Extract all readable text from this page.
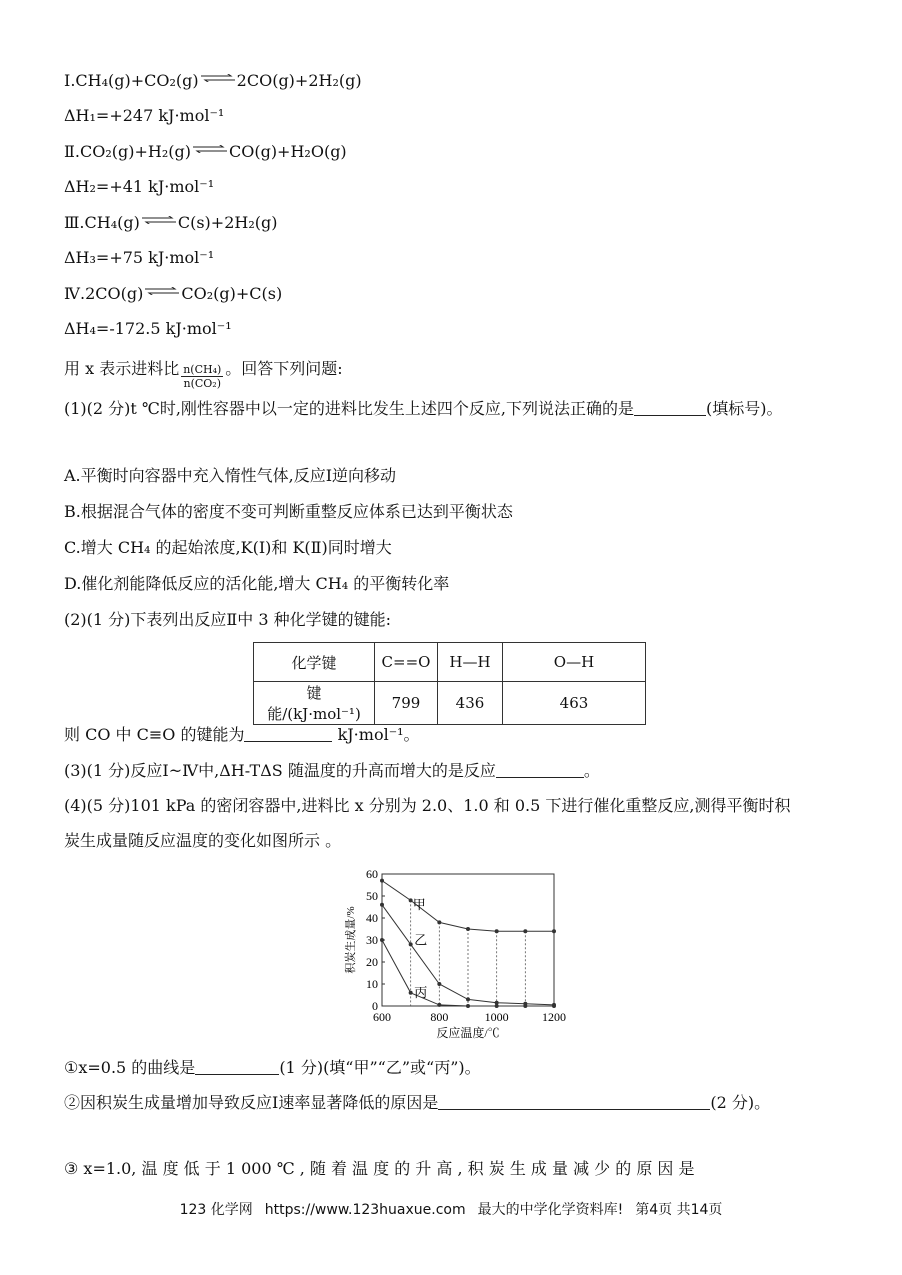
Ⅰ.CH₄(g)+CO₂(g) ⇌ 2CO(g)+2H₂(g)
ΔH₁=+247 kJ·mol⁻¹
Ⅱ.CO₂(g)+H₂(g) ⇌ CO(g)+H₂O(g)
ΔH₂=+41 kJ·mol⁻¹
Ⅲ.CH₄(g) ⇌ C(s)+2H₂(g)
ΔH₃=+75 kJ·mol⁻¹
Ⅳ.2CO(g) ⇌ CO₂(g)+C(s)
ΔH₄=-172.5 kJ·mol⁻¹
用 x 表示进料比 $\frac{\text{n(CH₄)}}{\text{n(CO₂)}}$ 。回答下列问题:
(1)(2 分)t ℃时,刚性容器中以一定的进料比发生上述四个反应,下列说法正确的是	(填标号)。
A.平衡时向容器中充入惰性气体,反应Ⅰ逆向移动
B.根据混合气体的密度不变可判断重整反应体系已达到平衡状态
C.增大 CH₄ 的起始浓度,K(Ⅰ)和 K(Ⅱ)同时增大
D.催化剂能降低反应的活化能,增大 CH₄ 的平衡转化率
(2)(1 分)下表列出反应Ⅱ中 3 种化学键的键能:
化学键	C==O	H—H	O—H
键能/(kJ·mol⁻¹)	799	436	463
则 CO 中 C≡O 的键能为	kJ·mol⁻¹。
(3)(1 分)反应Ⅰ~Ⅳ中,ΔH-TΔS 随温度的升高而增大的是反应	。
(4)(5 分)101 kPa 的密闭容器中,进料比 x 分别为 2.0、1.0 和 0.5 下进行催化重整反应,测得平衡时积
炭生成量随反应温度的变化如图所示 。
0
10
20
30
40
50
60
600	800	1000	1200
反应温度/℃
积炭生成量/%
甲
乙
丙
①x=0.5 的曲线是	(1 分)(填“甲”“乙”或“丙”)。
②因积炭生成量增加导致反应Ⅰ速率显著降低的原因是	(2 分)。
③ x=1.0, 温 度 低 于 1 000 ℃ , 随 着 温 度 的 升 高 , 积 炭 生 成 量 减 少 的 原 因 是
123 化学网 https://www.123huaxue.com 最大的中学化学资料库! 第4页 共14页
